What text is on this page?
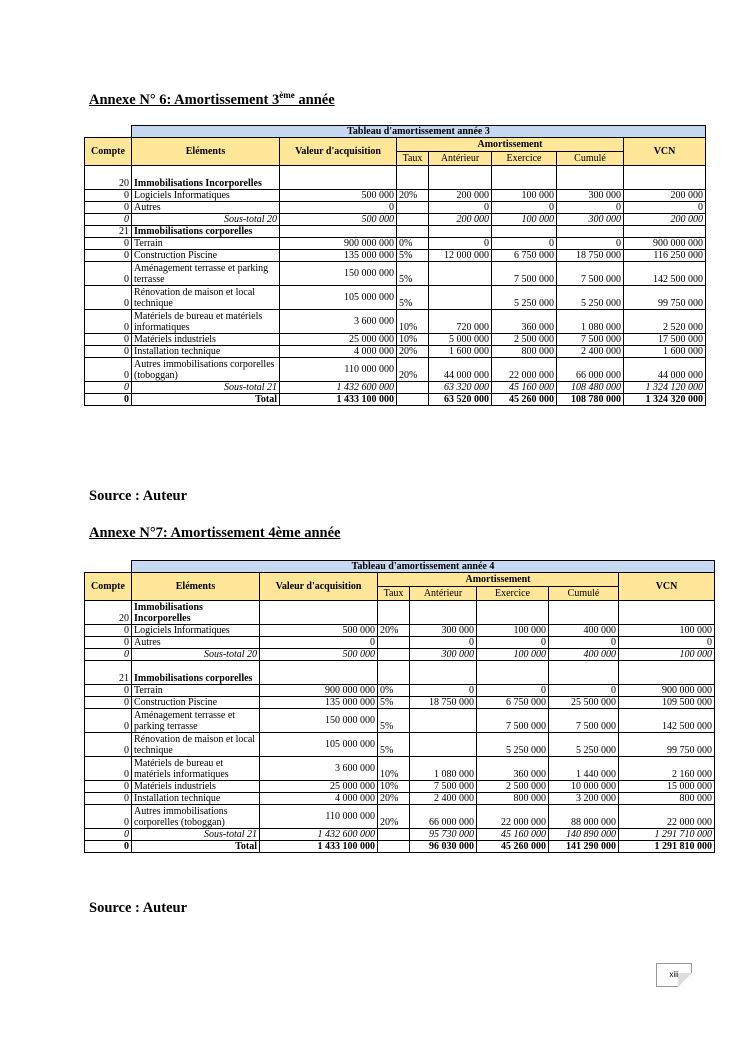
Annexe N° 6: Amortissement 3ème année
	Tableau d'amortissement année 3						
Compte	Eléments	Valeur d'acquisition	Amortissement				VCN
			Taux	Antérieur	Exercice	Cumulé	
20	Immobilisations Incorporelles						
0	Logiciels Informatiques	500 000	20%	200 000	100 000	300 000	200 000
0	Autres	0		0	0	0	0
0	Sous-total 20	500 000		200 000	100 000	300 000	200 000
21	Immobilisations corporelles						
0	Terrain	900 000 000	0%	0	0	0	900 000 000
0	Construction Piscine	135 000 000	5%	12 000 000	6 750 000	18 750 000	116 250 000
0	Aménagement terrasse et parking terrasse	150 000 000	5%		7 500 000	7 500 000	142 500 000
0	Rénovation de maison et local technique	105 000 000	5%		5 250 000	5 250 000	99 750 000
0	Matériels de bureau et matériels informatiques	3 600 000	10%	720 000	360 000	1 080 000	2 520 000
0	Matériels industriels	25 000 000	10%	5 000 000	2 500 000	7 500 000	17 500 000
0	Installation technique	4 000 000	20%	1 600 000	800 000	2 400 000	1 600 000
0	Autres immobilisations corporelles (toboggan)	110 000 000	20%	44 000 000	22 000 000	66 000 000	44 000 000
0	Sous-total 21	1 432 600 000		63 320 000	45 160 000	108 480 000	1 324 120 000
0	Total	1 433 100 000		63 520 000	45 260 000	108 780 000	1 324 320 000
Source : Auteur
Annexe N°7: Amortissement 4ème année
	Tableau d'amortissement année 4						
Compte	Eléments	Valeur d'acquisition	Amortissement				VCN
			Taux	Antérieur	Exercice	Cumulé	
20	Immobilisations Incorporelles						
0	Logiciels Informatiques	500 000	20%	300 000	100 000	400 000	100 000
0	Autres	0		0	0	0	0
0	Sous-total 20	500 000		300 000	100 000	400 000	100 000
21	Immobilisations corporelles						
0	Terrain	900 000 000	0%	0	0	0	900 000 000
0	Construction Piscine	135 000 000	5%	18 750 000	6 750 000	25 500 000	109 500 000
0	Aménagement terrasse et parking terrasse	150 000 000	5%		7 500 000	7 500 000	142 500 000
0	Rénovation de maison et local technique	105 000 000	5%		5 250 000	5 250 000	99 750 000
0	Matériels de bureau et matériels informatiques	3 600 000	10%	1 080 000	360 000	1 440 000	2 160 000
0	Matériels industriels	25 000 000	10%	7 500 000	2 500 000	10 000 000	15 000 000
0	Installation technique	4 000 000	20%	2 400 000	800 000	3 200 000	800 000
0	Autres immobilisations corporelles (toboggan)	110 000 000	20%	66 000 000	22 000 000	88 000 000	22 000 000
0	Sous-total 21	1 432 600 000		95 730 000	45 160 000	140 890 000	1 291 710 000
0	Total	1 433 100 000		96 030 000	45 260 000	141 290 000	1 291 810 000
Source : Auteur
xiii
